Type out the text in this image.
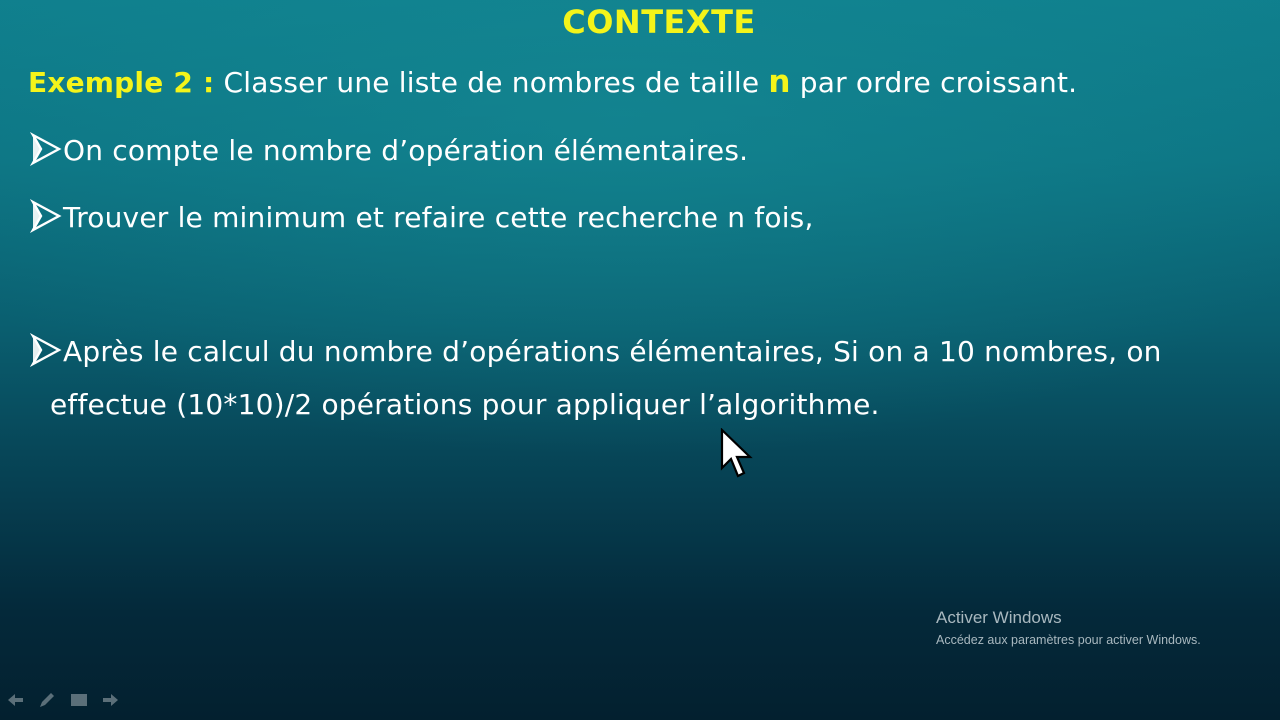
CONTEXTE
Exemple 2 : Classer une liste de nombres de taille n par ordre croissant.
On compte le nombre d’opération élémentaires.
Trouver le minimum et refaire cette recherche n fois,
Après le calcul du nombre d’opérations élémentaires, Si on a 10 nombres, on
effectue (10*10)/2 opérations pour appliquer l’algorithme.
Activer Windows
Accédez aux paramètres pour activer Windows.
